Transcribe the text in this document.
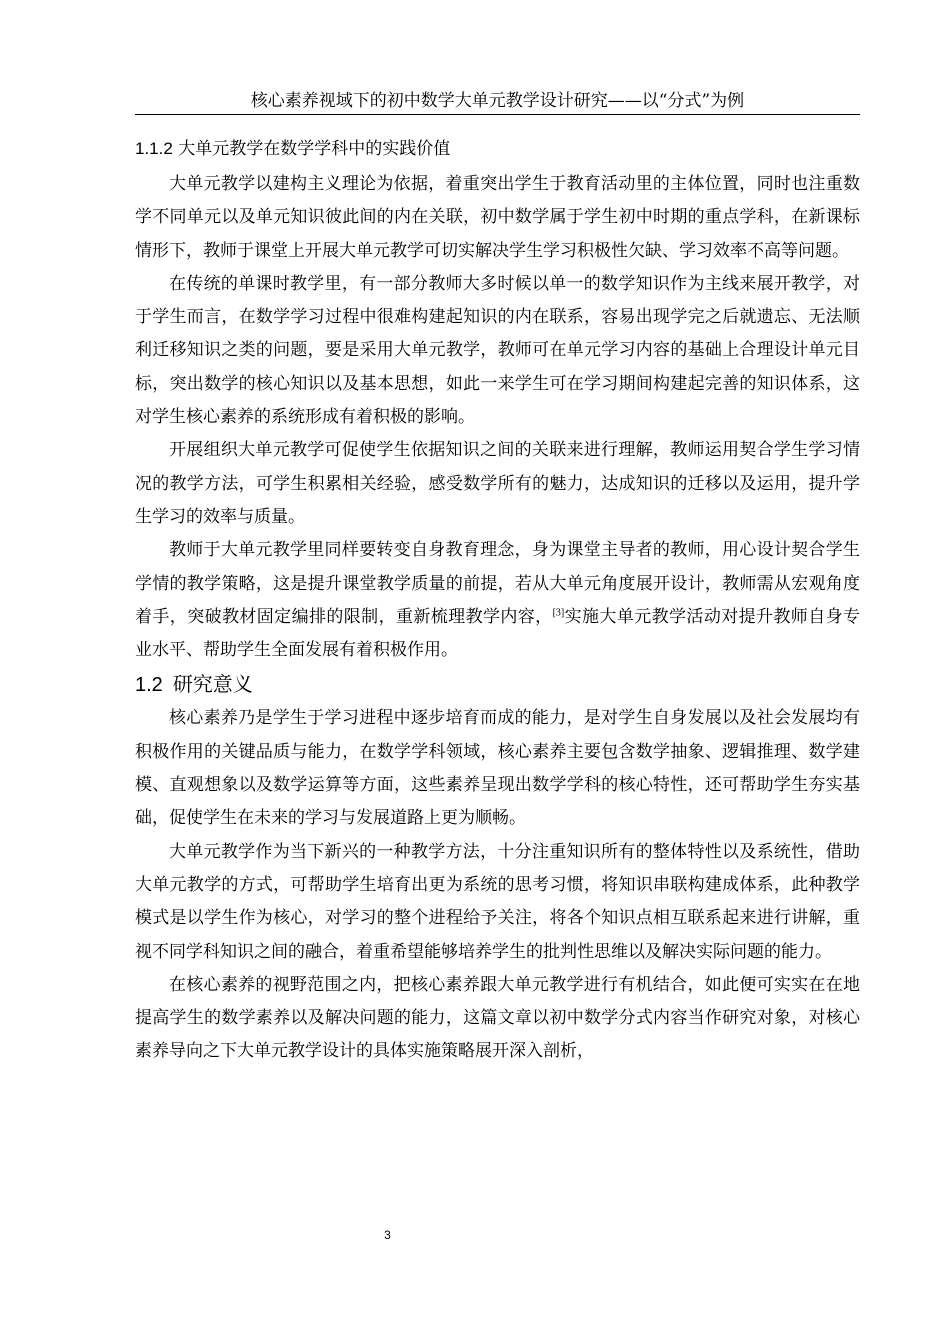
核心素养视域下的初中数学大单元教学设计研究——以“分式”为例
1.1.2 大单元教学在数学学科中的实践价值

大单元教学以建构主义理论为依据，着重突出学生于教育活动里的主体位置，同时也注重数学不同单元以及单元知识彼此间的内在关联，初中数学属于学生初中时期的重点学科，在新课标情形下，教师于课堂上开展大单元教学可切实解决学生学习积极性欠缺、学习效率不高等问题。

在传统的单课时教学里，有一部分教师大多时候以单一的数学知识作为主线来展开教学，对于学生而言，在数学学习过程中很难构建起知识的内在联系，容易出现学完之后就遗忘、无法顺利迁移知识之类的问题，要是采用大单元教学，教师可在单元学习内容的基础上合理设计单元目标，突出数学的核心知识以及基本思想，如此一来学生可在学习期间构建起完善的知识体系，这对学生核心素养的系统形成有着积极的影响。

开展组织大单元教学可促使学生依据知识之间的关联来进行理解，教师运用契合学生学习情况的教学方法，可学生积累相关经验，感受数学所有的魅力，达成知识的迁移以及运用，提升学生学习的效率与质量。

教师于大单元教学里同样要转变自身教育理念，身为课堂主导者的教师，用心设计契合学生学情的教学策略，这是提升课堂教学质量的前提，若从大单元角度展开设计，教师需从宏观角度着手，突破教材固定编排的限制，重新梳理教学内容，[3]实施大单元教学活动对提升教师自身专业水平、帮助学生全面发展有着积极作用。

1.2 研究意义

核心素养乃是学生于学习进程中逐步培育而成的能力，是对学生自身发展以及社会发展均有积极作用的关键品质与能力，在数学学科领域，核心素养主要包含数学抽象、逻辑推理、数学建模、直观想象以及数学运算等方面，这些素养呈现出数学学科的核心特性，还可帮助学生夯实基础，促使学生在未来的学习与发展道路上更为顺畅。

大单元教学作为当下新兴的一种教学方法，十分注重知识所有的整体特性以及系统性，借助大单元教学的方式，可帮助学生培育出更为系统的思考习惯，将知识串联构建成体系，此种教学模式是以学生作为核心，对学习的整个进程给予关注，将各个知识点相互联系起来进行讲解，重视不同学科知识之间的融合，着重希望能够培养学生的批判性思维以及解决实际问题的能力。

在核心素养的视野范围之内，把核心素养跟大单元教学进行有机结合，如此便可实实在在地提高学生的数学素养以及解决问题的能力，这篇文章以初中数学分式内容当作研究对象，对核心素养导向之下大单元教学设计的具体实施策略展开深入剖析，

3
